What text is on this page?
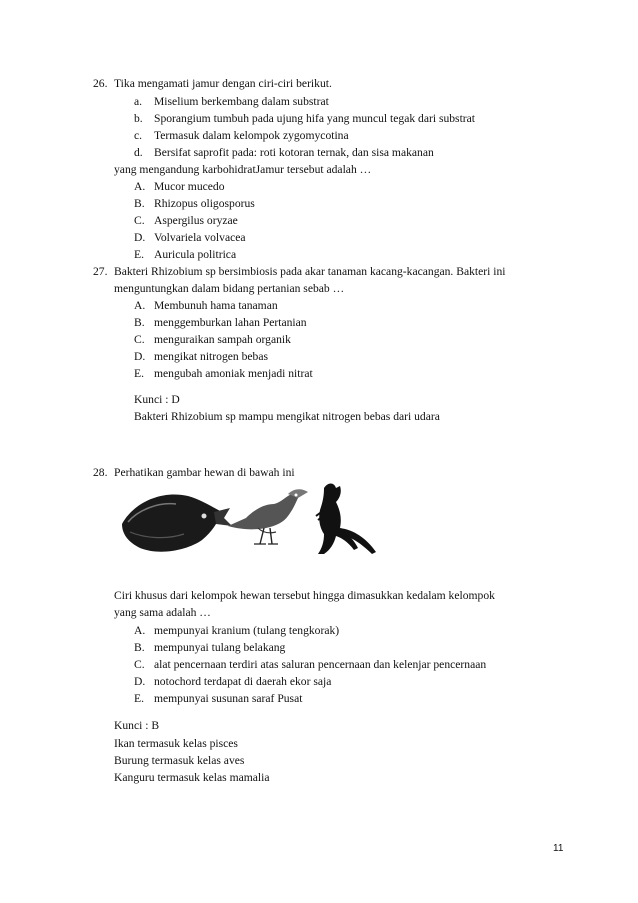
26. Tika mengamati jamur dengan ciri-ciri berikut.
a. Miselium berkembang dalam substrat
b. Sporangium tumbuh pada ujung hifa yang muncul tegak dari substrat
c. Termasuk dalam kelompok zygomycotina
d. Bersifat saprofit pada: roti kotoran ternak, dan sisa makanan
yang mengandung karbohidratJamur tersebut adalah …
A. Mucor mucedo
B. Rhizopus oligosporus
C. Aspergilus oryzae
D. Volvariela volvacea
E. Auricula politrica
27. Bakteri Rhizobium sp bersimbiosis pada akar tanaman kacang-kacangan. Bakteri ini
menguntungkan dalam bidang pertanian sebab …
A. Membunuh hama tanaman
B. menggemburkan lahan Pertanian
C. menguraikan sampah organik
D. mengikat nitrogen bebas
E. mengubah amoniak menjadi nitrat
Kunci : D
Bakteri Rhizobium sp mampu mengikat nitrogen bebas dari udara
28. Perhatikan gambar hewan di bawah ini
Ciri khusus dari kelompok hewan tersebut hingga dimasukkan kedalam kelompok
yang sama adalah …
A. mempunyai kranium (tulang tengkorak)
B. mempunyai tulang belakang
C. alat pencernaan terdiri atas saluran pencernaan dan kelenjar pencernaan
D. notochord terdapat di daerah ekor saja
E. mempunyai susunan saraf Pusat
Kunci : B
Ikan termasuk kelas pisces
Burung termasuk kelas aves
Kanguru termasuk kelas mamalia
11
